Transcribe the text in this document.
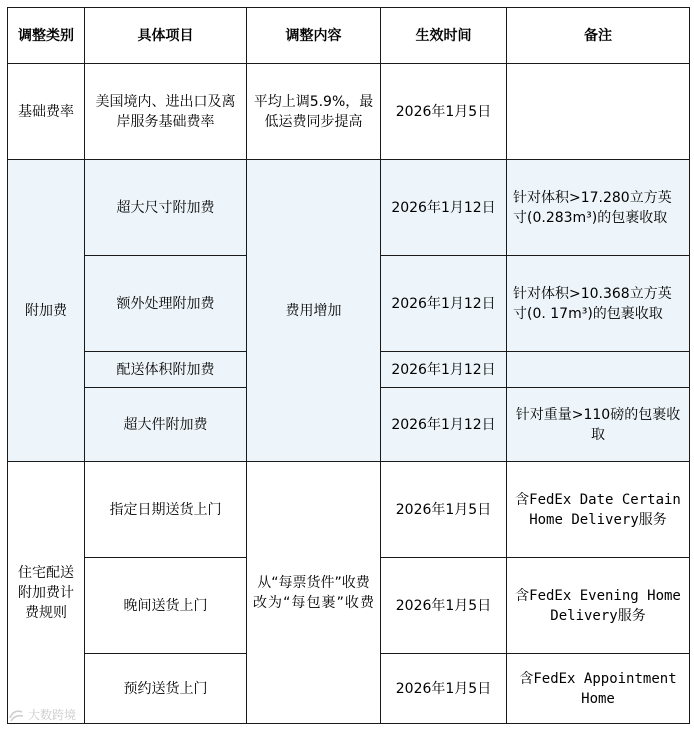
调整类别	具体项目	调整内容	生效时间	备注
基础费率	美国境内、进出口及离岸服务基础费率	平均上调5.9%，最低运费同步提高	2026年1月5日	
附加费	超大尺寸附加费	费用增加	2026年1月12日	针对体积>17.280立方英寸(0.283m³)的包裹收取
	额外处理附加费		2026年1月12日	针对体积>10.368立方英寸(0. 17m³)的包裹收取
	配送体积附加费		2026年1月12日	
	超大件附加费		2026年1月12日	针对重量>110磅的包裹收取
住宅配送附加费计费规则	指定日期送货上门	从“每票货件”收费改为“每包裹”收费	2026年1月5日	含FedEx Date Certain Home Delivery服务
	晚间送货上门		2026年1月5日	含FedEx Evening Home Delivery服务
	预约送货上门		2026年1月5日	含FedEx Appointment Home
大数跨境
